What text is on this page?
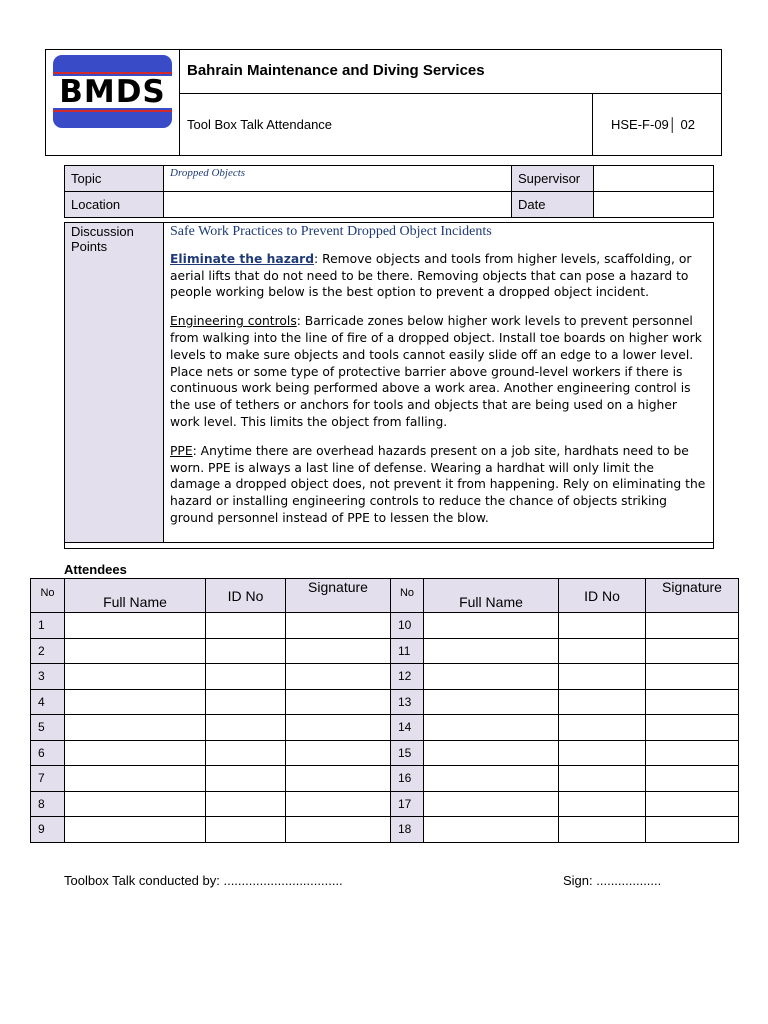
BMDS
Bahrain Maintenance and Diving Services
Tool Box Talk Attendance	HSE-F-09│ 02
Topic	Dropped Objects	Supervisor	
Location		Date	
Discussion Points

Safe Work Practices to Prevent Dropped Object Incidents

Eliminate the hazard: Remove objects and tools from higher levels, scaffolding, or aerial lifts that do not need to be there. Removing objects that can pose a hazard to people working below is the best option to prevent a dropped object incident.

Engineering controls: Barricade zones below higher work levels to prevent personnel from walking into the line of fire of a dropped object. Install toe boards on higher work levels to make sure objects and tools cannot easily slide off an edge to a lower level. Place nets or some type of protective barrier above ground-level workers if there is continuous work being performed above a work area. Another engineering control is the use of tethers or anchors for tools and objects that are being used on a higher work level. This limits the object from falling.

PPE: Anytime there are overhead hazards present on a job site, hardhats need to be worn. PPE is always a last line of defense. Wearing a hardhat will only limit the damage a dropped object does, not prevent it from happening. Rely on eliminating the hazard or installing engineering controls to reduce the chance of objects striking ground personnel instead of PPE to lessen the blow.

Attendees
No	Full Name	ID No	Signature	No	Full Name	ID No	Signature
1				10			
2				11			
3				12			
4				13			
5				14			
6				15			
7				16			
8				17			
9				18			
Toolbox Talk conducted by: .................................	Sign: ..................
